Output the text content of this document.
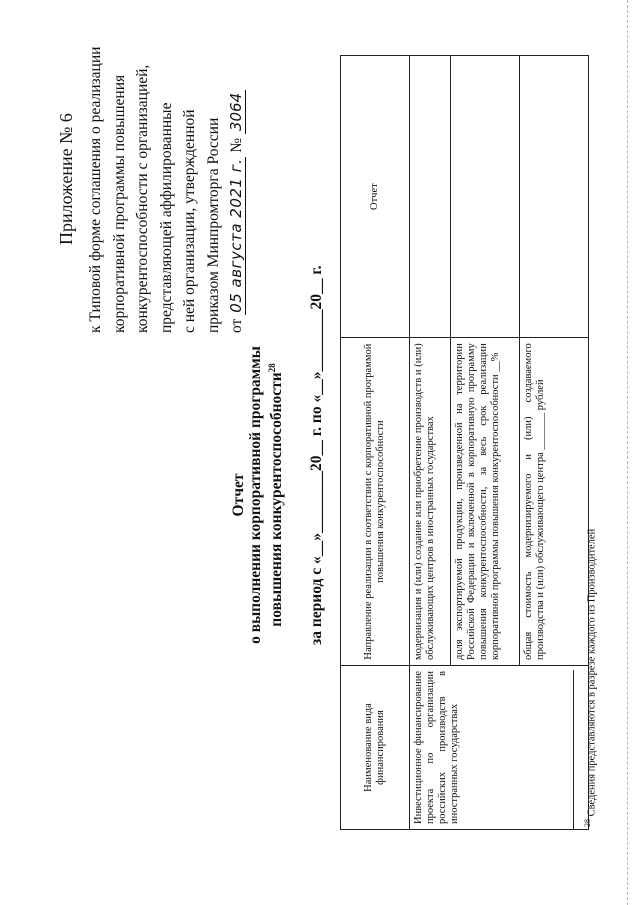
Приложение № 6 к Типовой форме соглашения о реализации корпоративной программы повышения конкурентоспособности с организацией, представляющей аффилированные с ней организации, утвержденной приказом Минпромторга России от 05 августа 2021 г. № 3064
Отчет о выполнении корпоративной программы повышения конкурентоспособности$^{28}$	за период с «__»________20__ г. по «__»________20__ г.
Наименование вида финансирования	Направление реализации в соответствии с корпоративной программой повышения конкурентоспособности	Отчет
Инвестиционное финансирование проекта по организации российских производств в иностранных государствах	модернизация и (или) создание или приобретение производств и (или) обслуживающих центров в иностранных государствах	
	доля экспортируемой продукции, произведенной на территории Российской Федерации и включенной в корпоративную программу повышения конкурентоспособности, за весь срок реализации корпоративной программы повышения конкурентоспособности __%	
	общая стоимость модернизируемого и (или) создаваемого производства и (или) обслуживающего центра _______ рублей	
$^{28}$ Сведения представляются в разрезе каждого из Производителей
